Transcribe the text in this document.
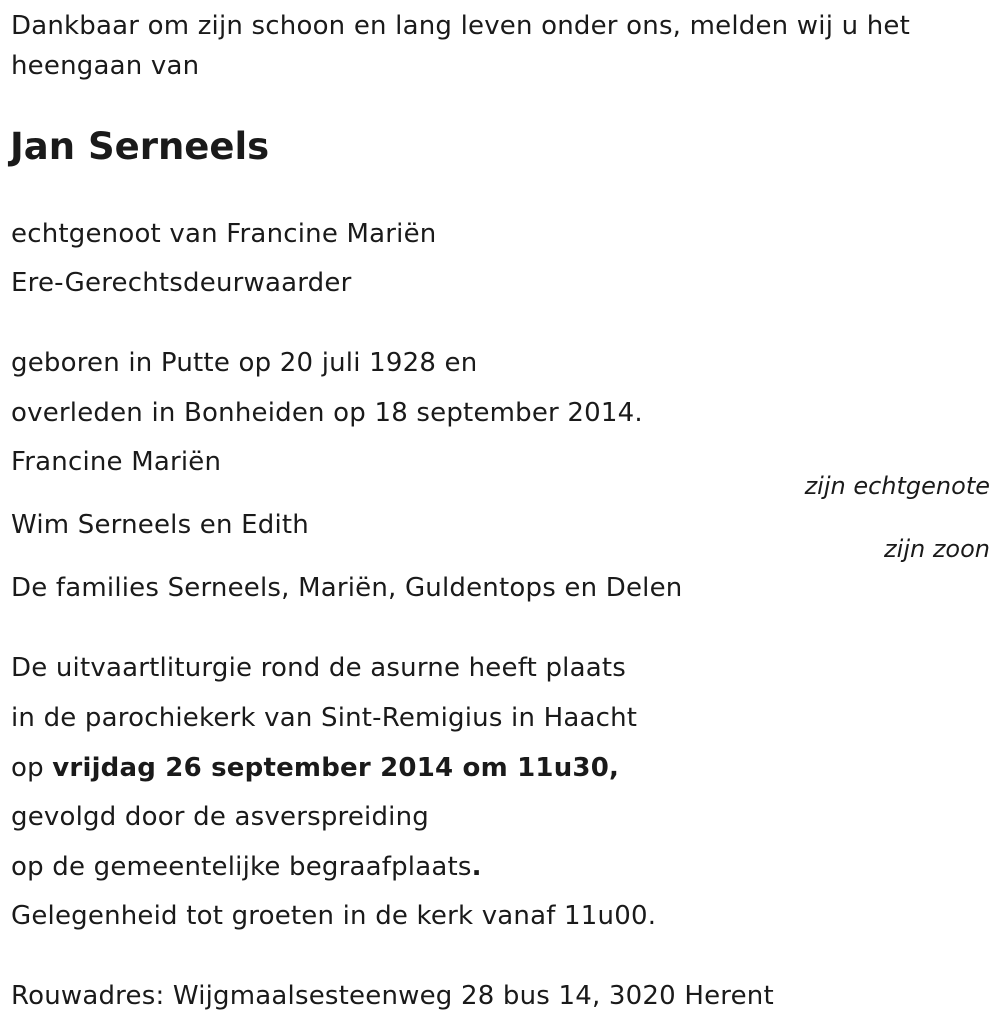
Dankbaar om zijn schoon en lang leven onder ons, melden wij u het
heengaan van
Jan Serneels
echtgenoot van Francine Mariën
Ere-Gerechtsdeurwaarder
geboren in Putte op 20 juli 1928 en
overleden in Bonheiden op 18 september 2014.
Francine Mariën
zijn echtgenote
Wim Serneels en Edith
zijn zoon
De families Serneels, Mariën, Guldentops en Delen
De uitvaartliturgie rond de asurne heeft plaats
in de parochiekerk van Sint-Remigius in Haacht
op vrijdag 26 september 2014 om 11u30,
gevolgd door de asverspreiding
op de gemeentelijke begraafplaats.
Gelegenheid tot groeten in de kerk vanaf 11u00.
Rouwadres: Wijgmaalsesteenweg 28 bus 14, 3020 Herent
